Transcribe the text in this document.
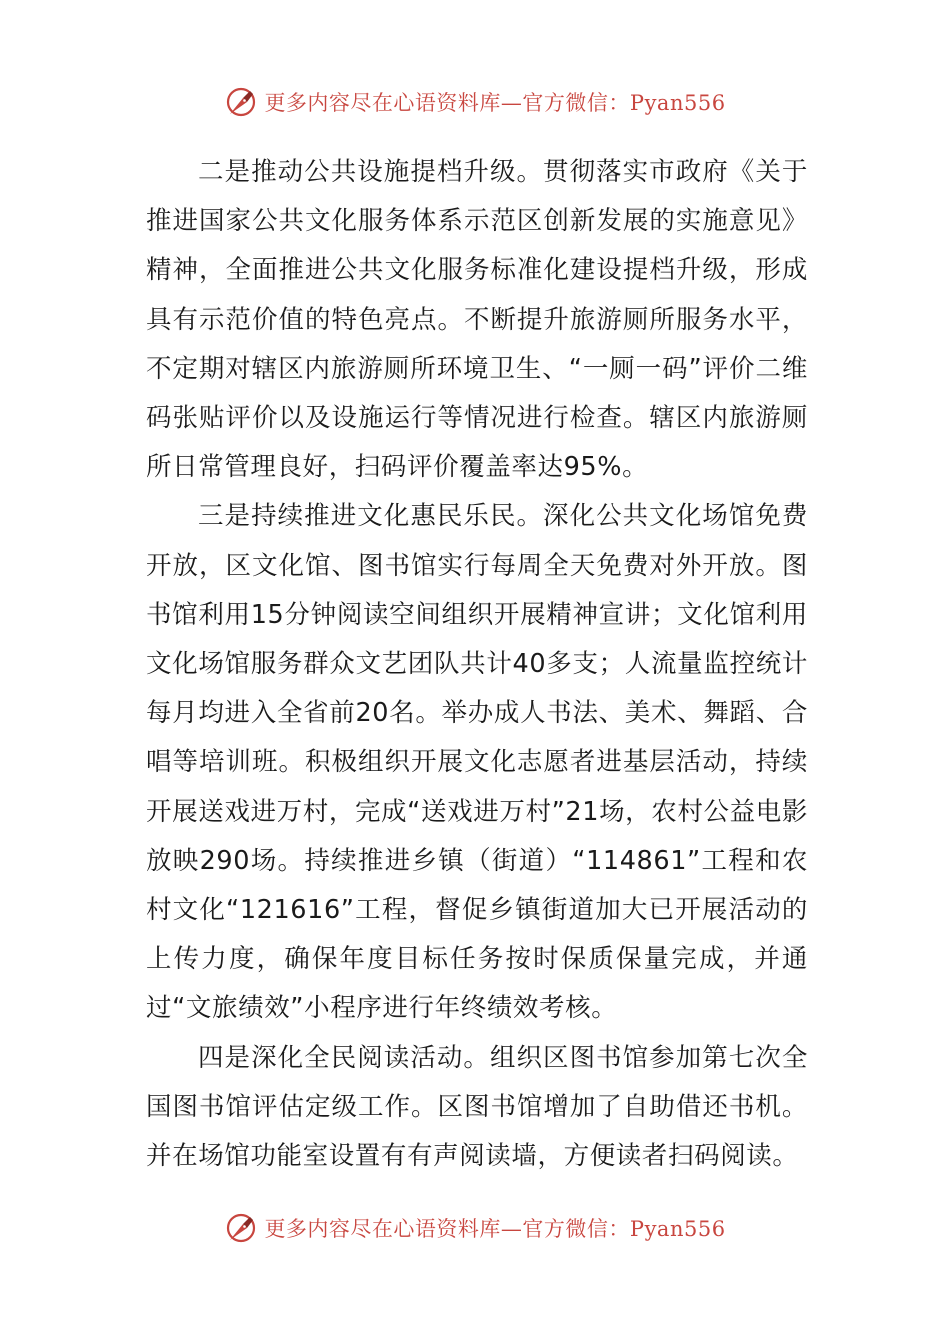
更多内容尽在心语资料库—官方微信：Pyan556

二是推动公共设施提档升级。贯彻落实市政府《关于推进国家公共文化服务体系示范区创新发展的实施意见》精神，全面推进公共文化服务标准化建设提档升级，形成具有示范价值的特色亮点。不断提升旅游厕所服务水平，不定期对辖区内旅游厕所环境卫生、“一厕一码”评价二维码张贴评价以及设施运行等情况进行检查。辖区内旅游厕所日常管理良好，扫码评价覆盖率达95%。

三是持续推进文化惠民乐民。深化公共文化场馆免费开放，区文化馆、图书馆实行每周全天免费对外开放。图书馆利用15分钟阅读空间组织开展精神宣讲；文化馆利用文化场馆服务群众文艺团队共计40多支；人流量监控统计每月均进入全省前20名。举办成人书法、美术、舞蹈、合唱等培训班。积极组织开展文化志愿者进基层活动，持续开展送戏进万村，完成“送戏进万村”21场，农村公益电影放映290场。持续推进乡镇（街道）“114861”工程和农村文化“121616”工程，督促乡镇街道加大已开展活动的上传力度，确保年度目标任务按时保质保量完成，并通过“文旅绩效”小程序进行年终绩效考核。

四是深化全民阅读活动。组织区图书馆参加第七次全国图书馆评估定级工作。区图书馆增加了自助借还书机。并在场馆功能室设置有有声阅读墙，方便读者扫码阅读。

更多内容尽在心语资料库—官方微信：Pyan556
